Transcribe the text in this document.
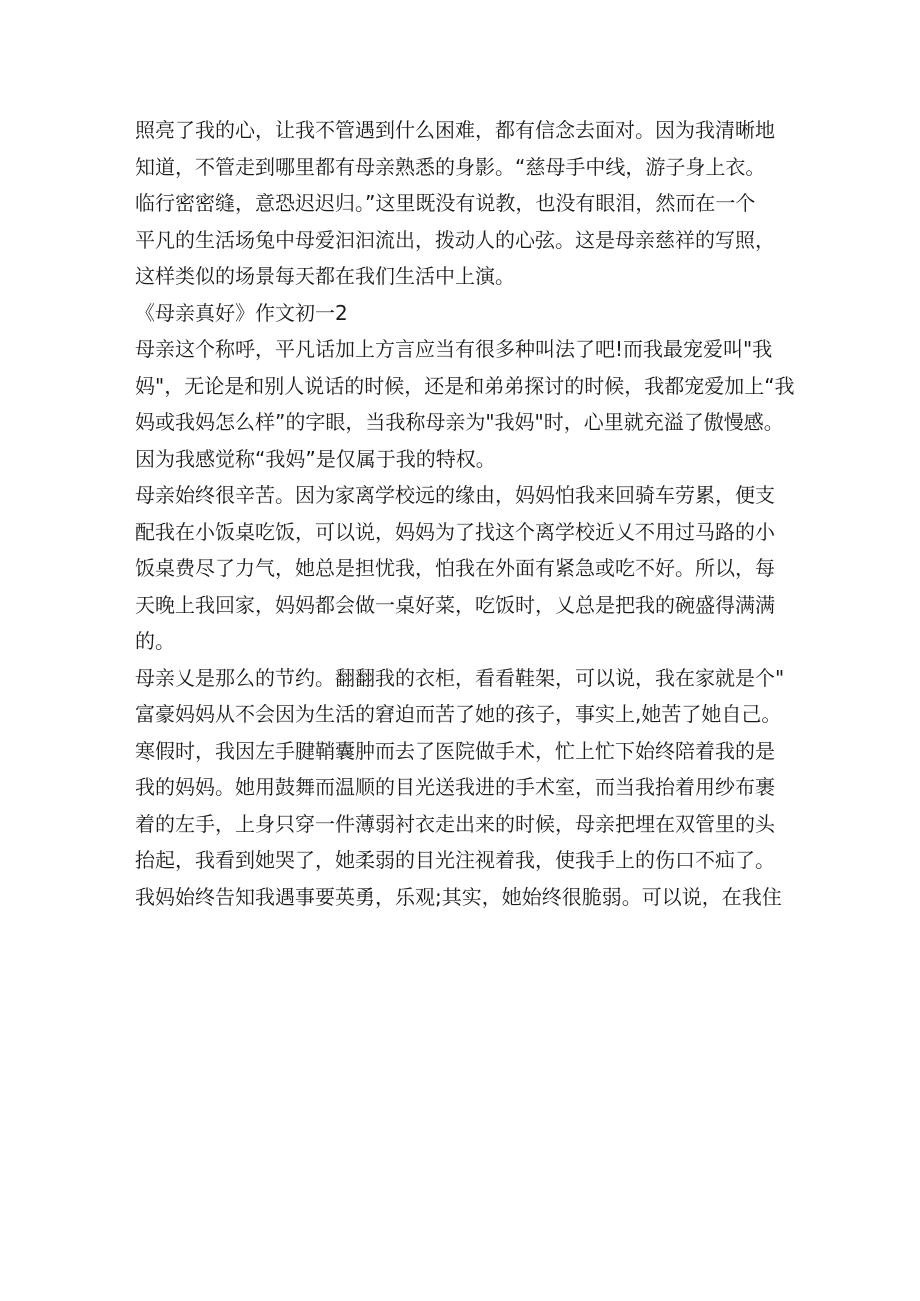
照亮了我的心，让我不管遇到什么困难，都有信念去面对。因为我清晰地
知道，不管走到哪里都有母亲熟悉的身影。“慈母手中线，游子身上衣。
临行密密缝，意恐迟迟归。”这里既没有说教，也没有眼泪，然而在一个
平凡的生活场兔中母爱汩汩流出，拨动人的心弦。这是母亲慈祥的写照，
这样类似的场景每天都在我们生活中上演。
《母亲真好》作文初一2
母亲这个称呼，平凡话加上方言应当有很多种叫法了吧!而我最宠爱叫"我
妈"，无论是和别人说话的时候，还是和弟弟探讨的时候，我都宠爱加上“我
妈或我妈怎么样”的字眼，当我称母亲为"我妈"时，心里就充溢了傲慢感。
因为我感觉称“我妈”是仅属于我的特权。
母亲始终很辛苦。因为家离学校远的缘由，妈妈怕我来回骑车劳累，便支
配我在小饭桌吃饭，可以说，妈妈为了找这个离学校近乂不用过马路的小
饭桌费尽了力气，她总是担忧我，怕我在外面有紧急或吃不好。所以，每
天晚上我回家，妈妈都会做一桌好菜，吃饭时，乂总是把我的碗盛得满满
的。
母亲乂是那么的节约。翻翻我的衣柜，看看鞋架，可以说，我在家就是个"
富豪妈妈从不会因为生活的窘迫而苦了她的孩子，事实上,她苦了她自己。
寒假时，我因左手腱鞘囊肿而去了医院做手术，忙上忙下始终陪着我的是
我的妈妈。她用鼓舞而温顺的目光送我进的手术室，而当我抬着用纱布裹
着的左手，上身只穿一件薄弱衬衣走出来的时候，母亲把埋在双管里的头
抬起，我看到她哭了，她柔弱的目光注视着我，使我手上的伤口不疝了。
我妈始终告知我遇事要英勇，乐观;其实，她始终很脆弱。可以说，在我住
